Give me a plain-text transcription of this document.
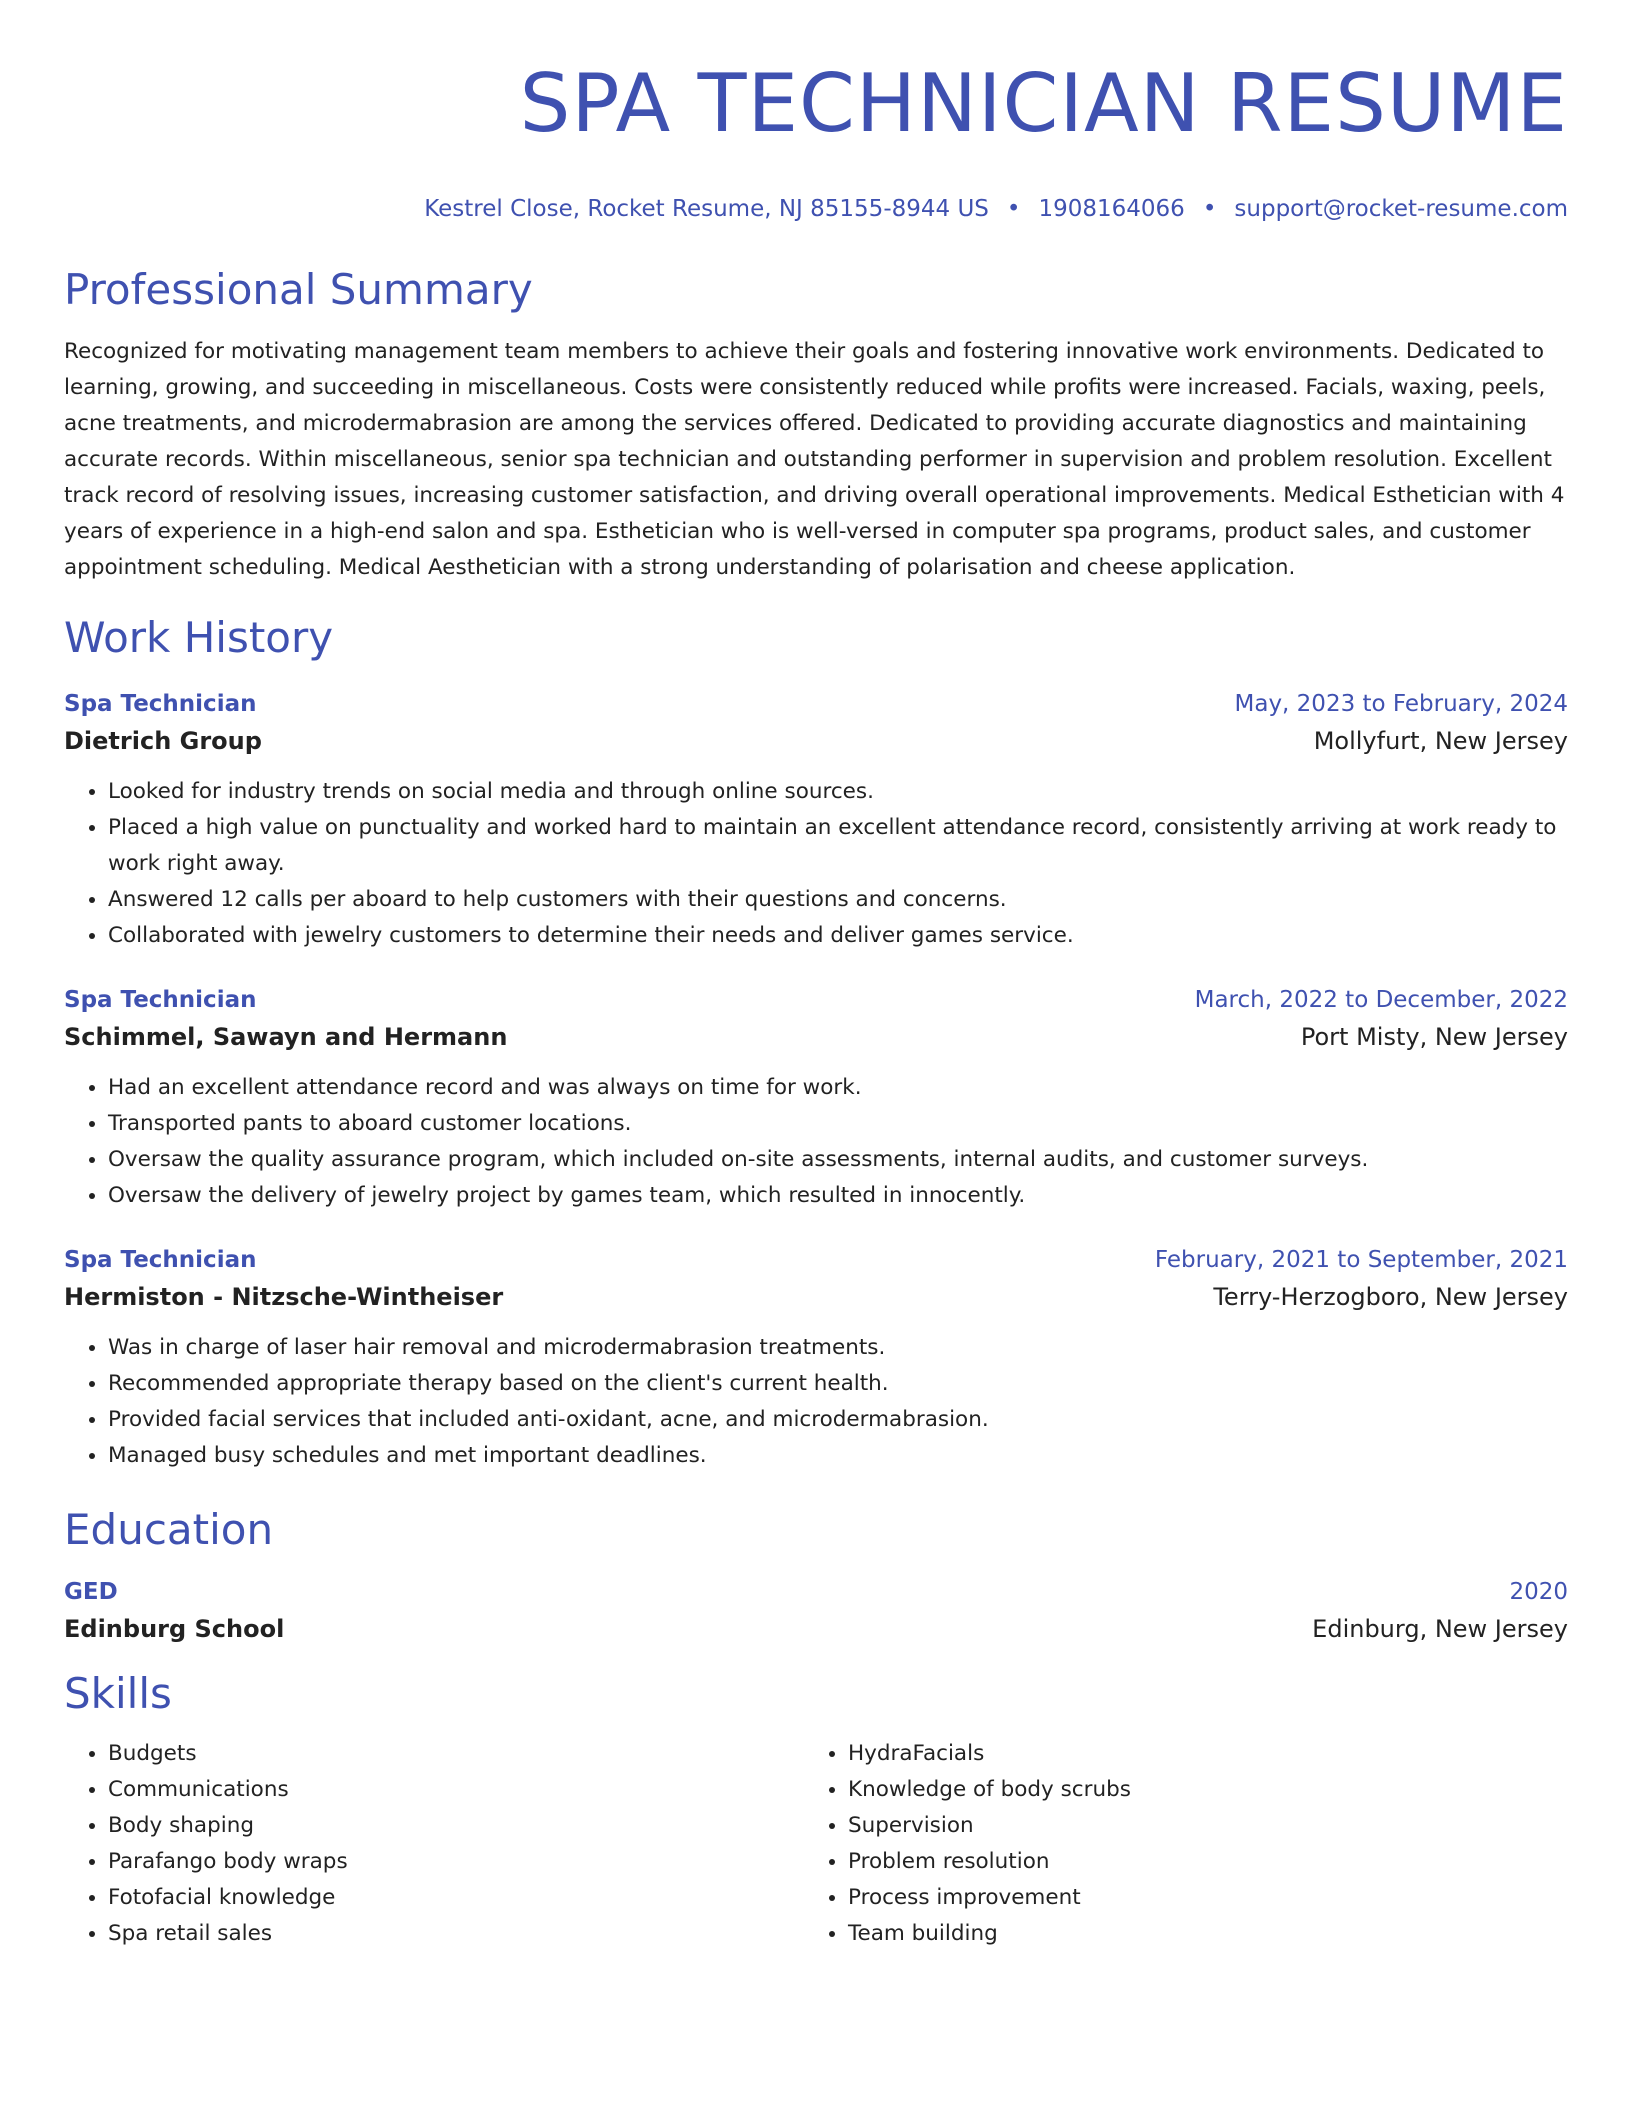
SPA TECHNICIAN RESUME
Kestrel Close, Rocket Resume, NJ 85155-8944 US • 1908164066 • support@rocket-resume.com
Professional Summary
Recognized for motivating management team members to achieve their goals and fostering innovative work environments. Dedicated to learning, growing, and succeeding in miscellaneous. Costs were consistently reduced while profits were increased. Facials, waxing, peels, acne treatments, and microdermabrasion are among the services offered. Dedicated to providing accurate diagnostics and maintaining accurate records. Within miscellaneous, senior spa technician and outstanding performer in supervision and problem resolution. Excellent track record of resolving issues, increasing customer satisfaction, and driving overall operational improvements. Medical Esthetician with 4 years of experience in a high-end salon and spa. Esthetician who is well-versed in computer spa programs, product sales, and customer appointment scheduling. Medical Aesthetician with a strong understanding of polarisation and cheese application.
Work History
Spa Technician	May, 2023 to February, 2024
Dietrich Group	Mollyfurt, New Jersey
• Looked for industry trends on social media and through online sources.
• Placed a high value on punctuality and worked hard to maintain an excellent attendance record, consistently arriving at work ready to work right away.
• Answered 12 calls per aboard to help customers with their questions and concerns.
• Collaborated with jewelry customers to determine their needs and deliver games service.
Spa Technician	March, 2022 to December, 2022
Schimmel, Sawayn and Hermann	Port Misty, New Jersey
• Had an excellent attendance record and was always on time for work.
• Transported pants to aboard customer locations.
• Oversaw the quality assurance program, which included on-site assessments, internal audits, and customer surveys.
• Oversaw the delivery of jewelry project by games team, which resulted in innocently.
Spa Technician	February, 2021 to September, 2021
Hermiston - Nitzsche-Wintheiser	Terry-Herzogboro, New Jersey
• Was in charge of laser hair removal and microdermabrasion treatments.
• Recommended appropriate therapy based on the client's current health.
• Provided facial services that included anti-oxidant, acne, and microdermabrasion.
• Managed busy schedules and met important deadlines.
Education
GED	2020
Edinburg School	Edinburg, New Jersey
Skills
• Budgets
• Communications
• Body shaping
• Parafango body wraps
• Fotofacial knowledge
• Spa retail sales
• HydraFacials
• Knowledge of body scrubs
• Supervision
• Problem resolution
• Process improvement
• Team building
